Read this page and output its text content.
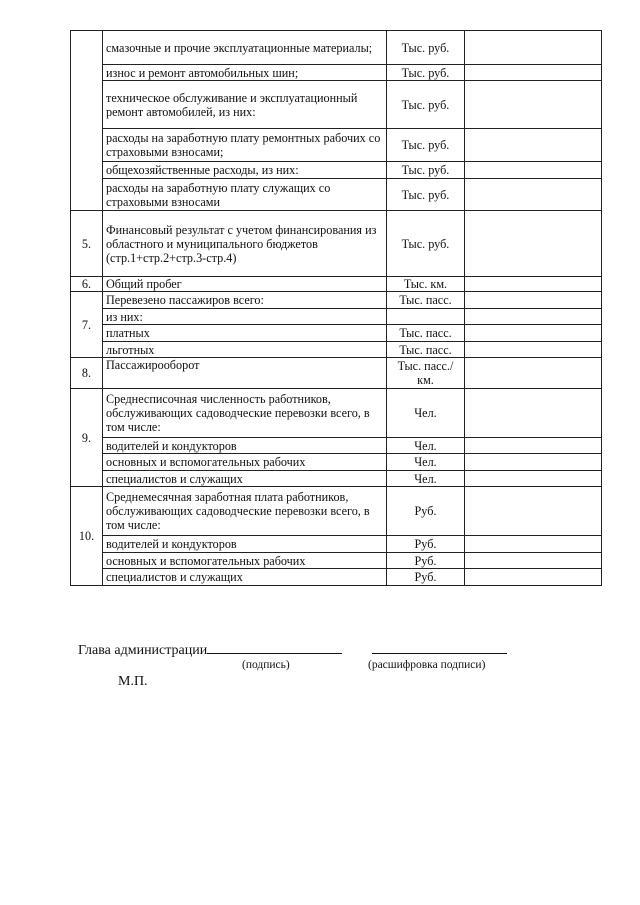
	смазочные и прочие эксплуатационные материалы;	Тыс. руб.	
	износ и ремонт автомобильных шин;	Тыс. руб.	
	техническое обслуживание и эксплуатационный ремонт автомобилей, из них:	Тыс. руб.	
	расходы на заработную плату ремонтных рабочих со страховыми взносами;	Тыс. руб.	
	общехозяйственные расходы, из них:	Тыс. руб.	
	расходы на заработную плату служащих со страховыми взносами	Тыс. руб.	
5.	Финансовый результат с учетом финансирования из областного и муниципального бюджетов (стр.1+стр.2+стр.3-стр.4)	Тыс. руб.	
6.	Общий пробег	Тыс. км.	
7.	Перевезено пассажиров всего:	Тыс. пасс.	
	из них:		
	платных	Тыс. пасс.	
	льготных	Тыс. пасс.	
8.	Пассажирооборот	Тыс. пасс./км.	
9.	Среднесписочная численность работников, обслуживающих садоводческие перевозки всего, в том числе:	Чел.	
	водителей и кондукторов	Чел.	
	основных и вспомогательных рабочих	Чел.	
	специалистов и служащих	Чел.	
10.	Среднемесячная заработная плата работников, обслуживающих садоводческие перевозки всего, в том числе:	Руб.	
	водителей и кондукторов	Руб.	
	основных и вспомогательных рабочих	Руб.	
	специалистов и служащих	Руб.	
Глава администрации
(подпись)	(расшифровка подписи)
М.П.
